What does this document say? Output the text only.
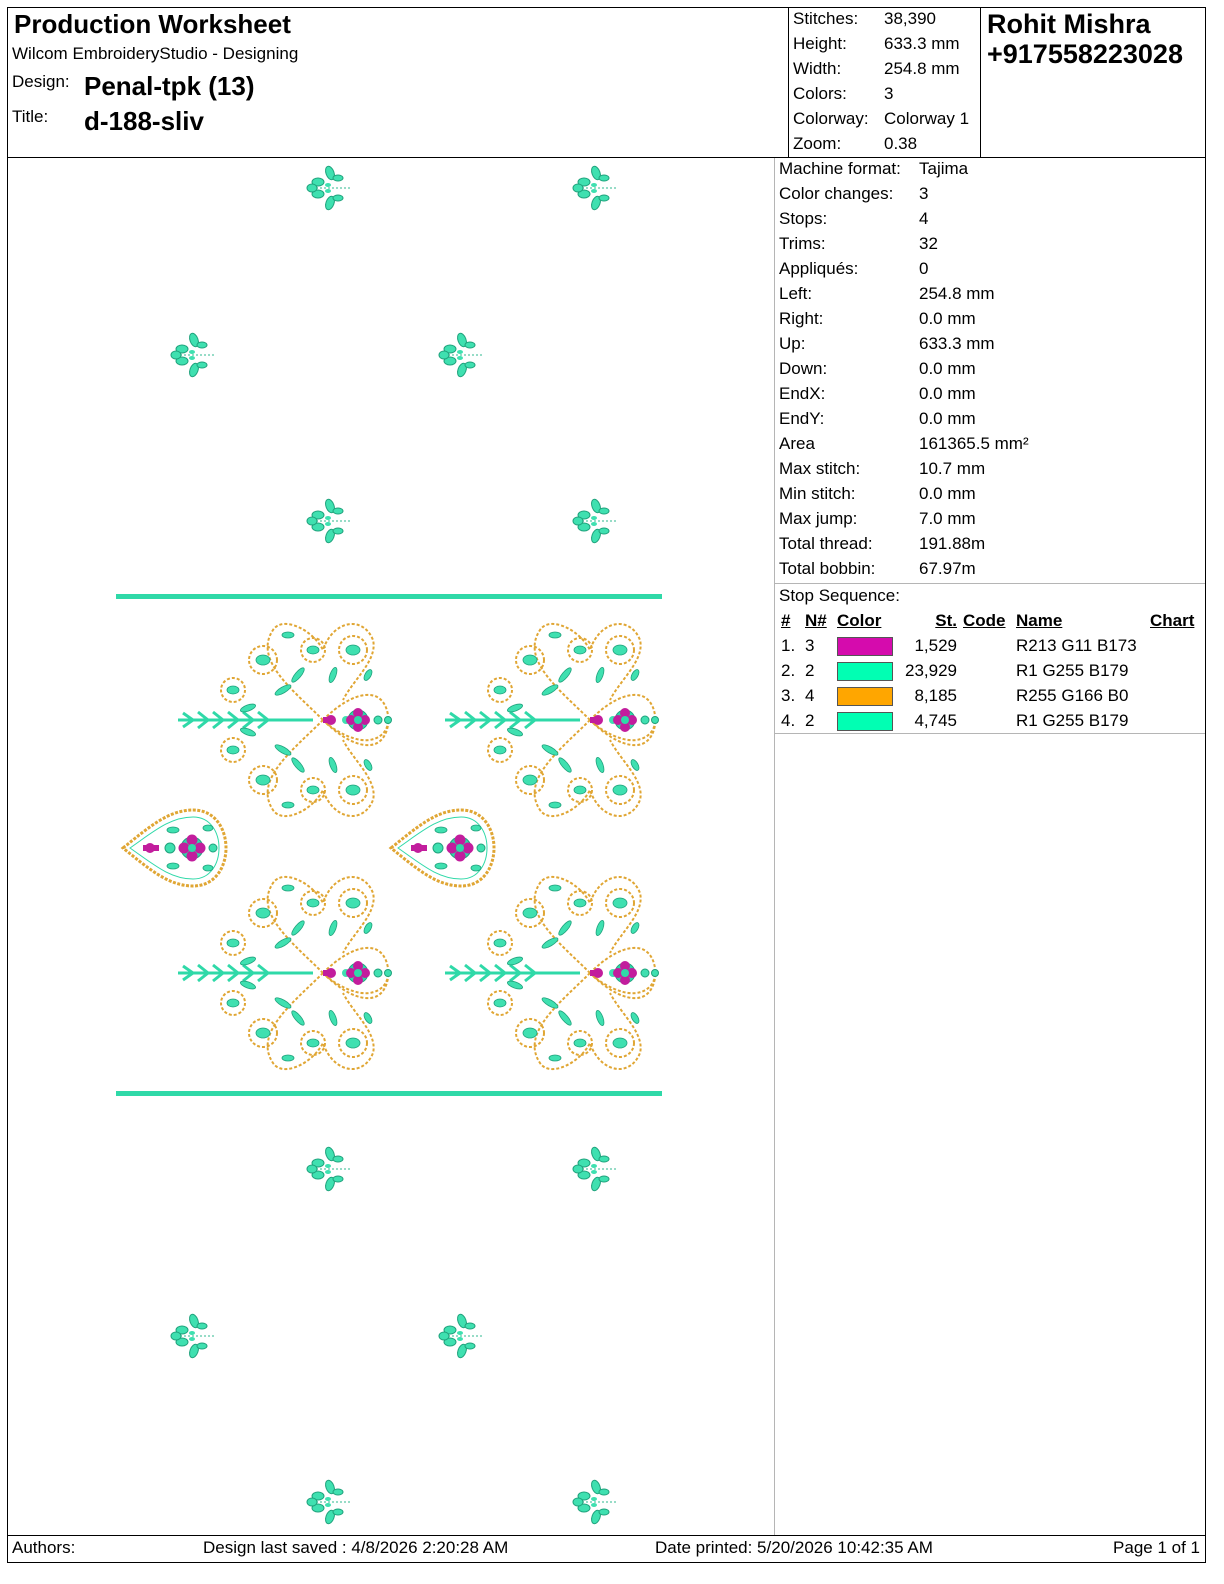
Production Worksheet
Wilcom EmbroideryStudio - Designing
Design: Penal-tpk (13)
Title: d-188-sliv
Stitches: 38,390
Height: 633.3 mm
Width:	254.8 mm
Colors: 3
Colorway: Colorway 1
Zoom:	0.38
Rohit Mishra
+917558223028
Machine format: Tajima
Color changes: 3
Stops:	4
Trims:	32
Appliqués:	0
Left:	254.8 mm
Right:	0.0 mm
Up:	633.3 mm
Down:	0.0 mm
EndX:	0.0 mm
EndY:	0.0 mm
Area	161365.5 mm²
Max stitch:	10.7 mm
Min stitch:	0.0 mm
Max jump:	7.0 mm
Total thread:	191.88m
Total bobbin:	67.97m
Stop Sequence:
#	N#	Color	St.	Code	Name	Chart
1.	3		1,529		R213 G11 B173	
2.	2		23,929		R1 G255 B179	
3.	4		8,185		R255 G166 B0	
4.	2		4,745		R1 G255 B179	
Authors:	Design last saved : 4/8/2026 2:20:28 AM	Date printed: 5/20/2026 10:42:35 AM	Page 1 of 1
